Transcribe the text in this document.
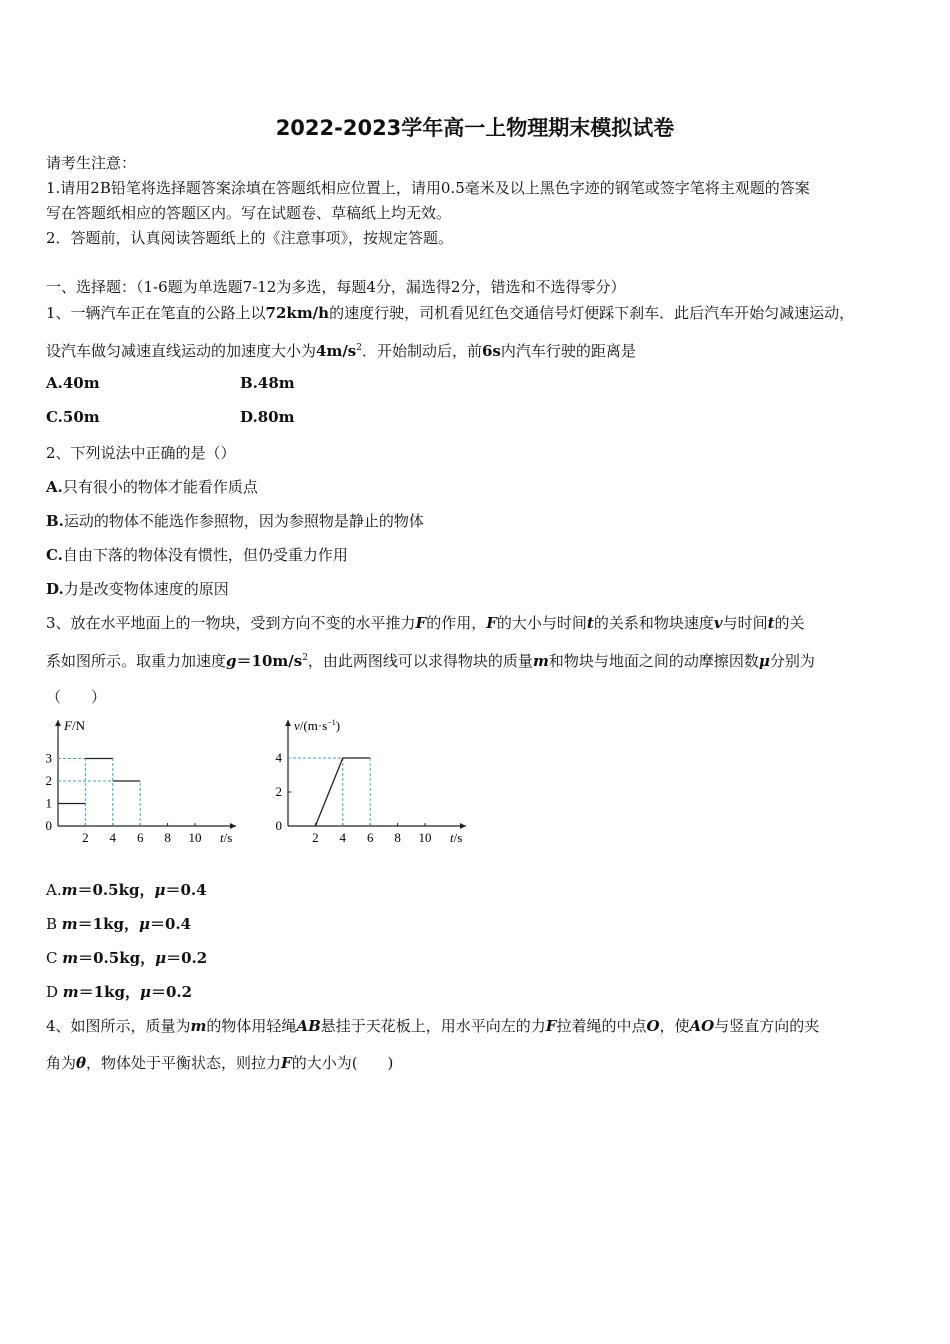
2022-2023学年高一上物理期末模拟试卷
请考生注意：
1.请用2B铅笔将选择题答案涂填在答题纸相应位置上，请用0.5毫米及以上黑色字迹的钢笔或签字笔将主观题的答案
写在答题纸相应的答题区内。写在试题卷、草稿纸上均无效。
2．答题前，认真阅读答题纸上的《注意事项》，按规定答题。
一、选择题：（1-6题为单选题7-12为多选，每题4分，漏选得2分，错选和不选得零分）
1、一辆汽车正在笔直的公路上以72km/h的速度行驶，司机看见红色交通信号灯便踩下刹车．此后汽车开始匀减速运动，
设汽车做匀减速直线运动的加速度大小为$4m/s^2$．开始制动后，前6s内汽车行驶的距离是
A.40m	B.48m
C.50m	D.80m
2、下列说法中正确的是（）
A.只有很小的物体才能看作质点
B.运动的物体不能选作参照物，因为参照物是静止的物体
C.自由下落的物体没有惯性，但仍受重力作用
D.力是改变物体速度的原因
3、放在水平地面上的一物块，受到方向不变的水平推力F的作用，F的大小与时间t的关系和物块速度v与时间t的关
系如图所示。取重力加速度$g=10m/s^2$，由此两图线可以求得物块的质量m和物块与地面之间的动摩擦因数μ分别为
（　　）
F/N
t/s
2 4 6 8 10
0
1
2
3
$v/(m\cdot s^{-1})$
t/s
2 4 6 8 10
0
2
4
A.m＝0.5kg，μ＝0.4
B m＝1kg，μ＝0.4
C m＝0.5kg，μ＝0.2
D m＝1kg，μ＝0.2
4、如图所示，质量为m的物体用轻绳AB悬挂于天花板上，用水平向左的力F拉着绳的中点O，使AO与竖直方向的夹
角为θ，物体处于平衡状态，则拉力F的大小为(　　)
